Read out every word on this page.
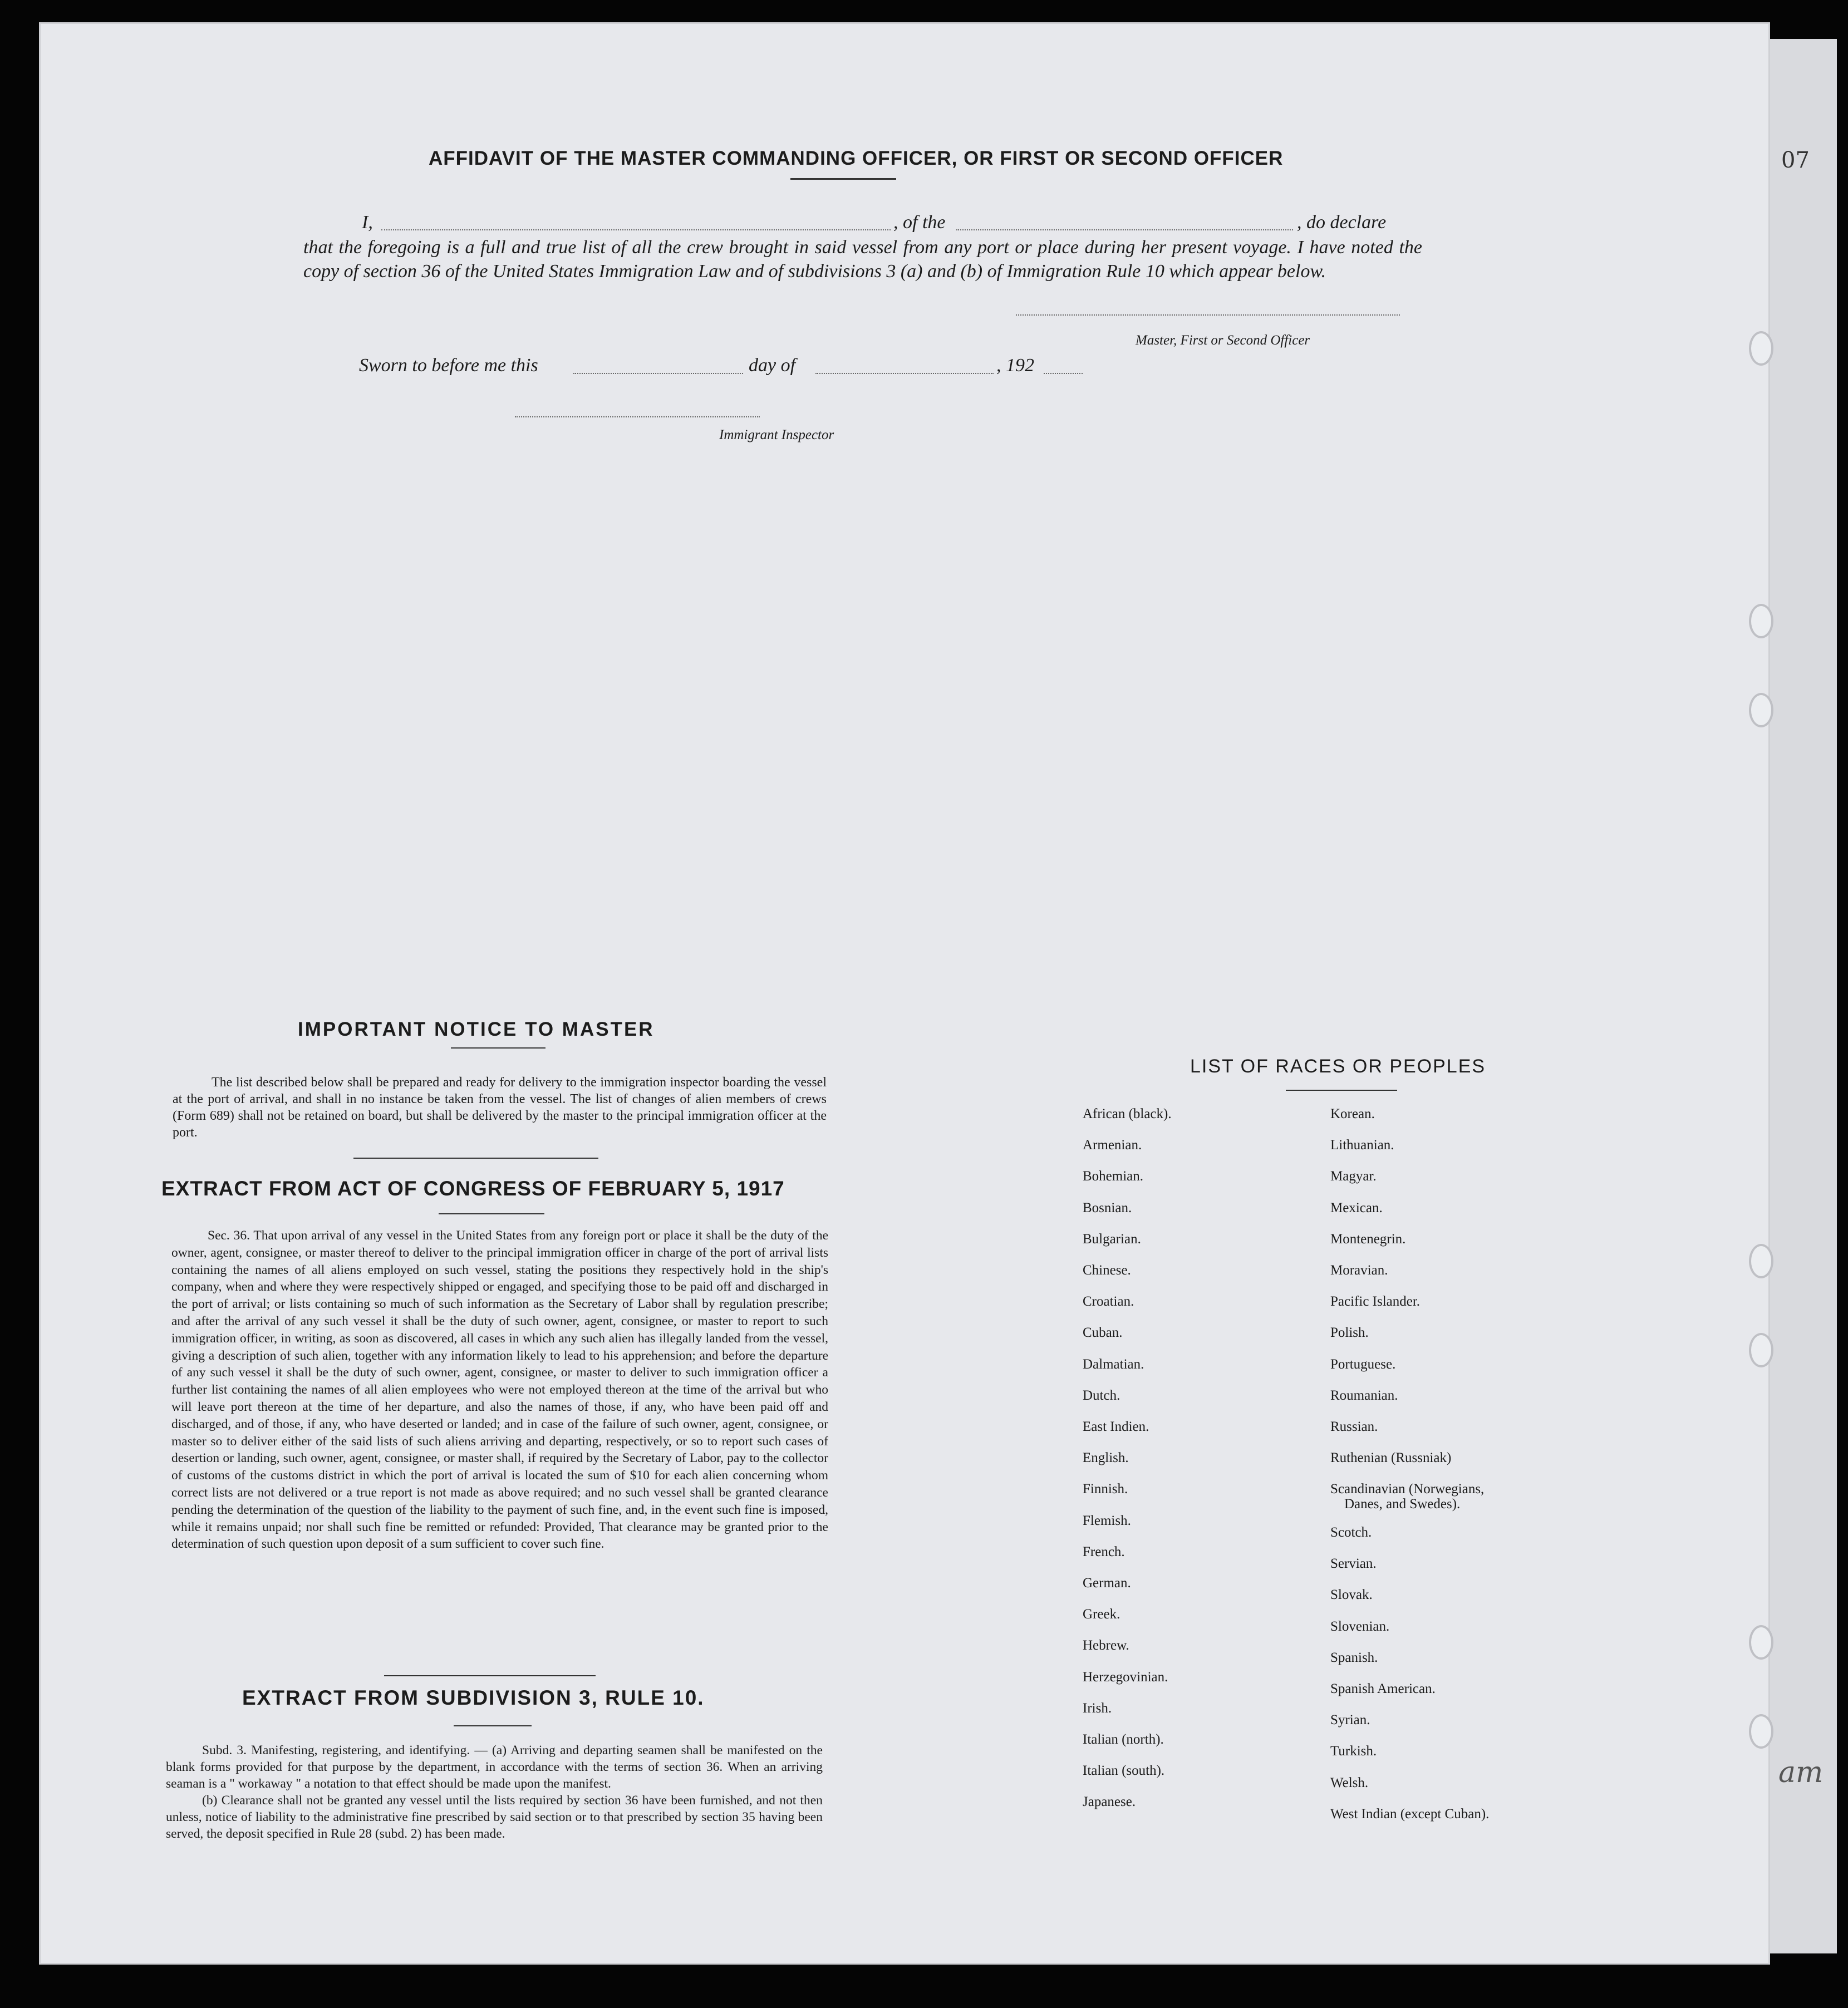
07
am
AFFIDAVIT OF THE MASTER COMMANDING OFFICER, OR FIRST OR SECOND OFFICER
I,	, of the	, do declare
that the foregoing is a full and true list of all the crew brought in said vessel from any port or place during her present voyage. I have noted the copy of section 36 of the United States Immigration Law and of subdivisions 3 (a) and (b) of Immigration Rule 10 which appear below.
Master, First or Second Officer
Sworn to before me this	day of	, 192
Immigrant Inspector
IMPORTANT NOTICE TO MASTER
The list described below shall be prepared and ready for delivery to the immigration inspector boarding the vessel at the port of arrival, and shall in no instance be taken from the vessel. The list of changes of alien members of crews (Form 689) shall not be retained on board, but shall be delivered by the master to the principal immigration officer at the port.
EXTRACT FROM ACT OF CONGRESS OF FEBRUARY 5, 1917
Sec. 36. That upon arrival of any vessel in the United States from any foreign port or place it shall be the duty of the owner, agent, consignee, or master thereof to deliver to the principal immigration officer in charge of the port of arrival lists containing the names of all aliens employed on such vessel, stating the positions they respectively hold in the ship's company, when and where they were respectively shipped or engaged, and specifying those to be paid off and discharged in the port of arrival; or lists containing so much of such information as the Secretary of Labor shall by regulation prescribe; and after the arrival of any such vessel it shall be the duty of such owner, agent, consignee, or master to report to such immigration officer, in writing, as soon as discovered, all cases in which any such alien has illegally landed from the vessel, giving a description of such alien, together with any information likely to lead to his apprehension; and before the departure of any such vessel it shall be the duty of such owner, agent, consignee, or master to deliver to such immigration officer a further list containing the names of all alien employees who were not employed thereon at the time of the arrival but who will leave port thereon at the time of her departure, and also the names of those, if any, who have been paid off and discharged, and of those, if any, who have deserted or landed; and in case of the failure of such owner, agent, consignee, or master so to deliver either of the said lists of such aliens arriving and departing, respectively, or so to report such cases of desertion or landing, such owner, agent, consignee, or master shall, if required by the Secretary of Labor, pay to the collector of customs of the customs district in which the port of arrival is located the sum of $10 for each alien concerning whom correct lists are not delivered or a true report is not made as above required; and no such vessel shall be granted clearance pending the determination of the question of the liability to the payment of such fine, and, in the event such fine is imposed, while it remains unpaid; nor shall such fine be remitted or refunded: Provided, That clearance may be granted prior to the determination of such question upon deposit of a sum sufficient to cover such fine.
EXTRACT FROM SUBDIVISION 3, RULE 10.

Subd. 3. Manifesting, registering, and identifying. — (a) Arriving and departing seamen shall be manifested on the blank forms provided for that purpose by the department, in accordance with the terms of section 36. When an arriving seaman is a " workaway " a notation to that effect should be made upon the manifest.

(b) Clearance shall not be granted any vessel until the lists required by section 36 have been furnished, and not then unless, notice of liability to the administrative fine prescribed by said section or to that prescribed by section 35 having been served, the deposit specified in Rule 28 (subd. 2) has been made.

LIST OF RACES OR PEOPLES
African (black).
Armenian.
Bohemian.
Bosnian.
Bulgarian.
Chinese.
Croatian.
Cuban.
Dalmatian.
Dutch.
East Indien.
English.
Finnish.
Flemish.
French.
German.
Greek.
Hebrew.
Herzegovinian.
Irish.
Italian (north).
Italian (south).
Japanese.
Korean.
Lithuanian.
Magyar.
Mexican.
Montenegrin.
Moravian.
Pacific Islander.
Polish.
Portuguese.
Roumanian.
Russian.
Ruthenian (Russniak)
Scandinavian (Norwegians,
Danes, and Swedes).
Scotch.
Servian.
Slovak.
Slovenian.
Spanish.
Spanish American.
Syrian.
Turkish.
Welsh.
West Indian (except Cuban).
